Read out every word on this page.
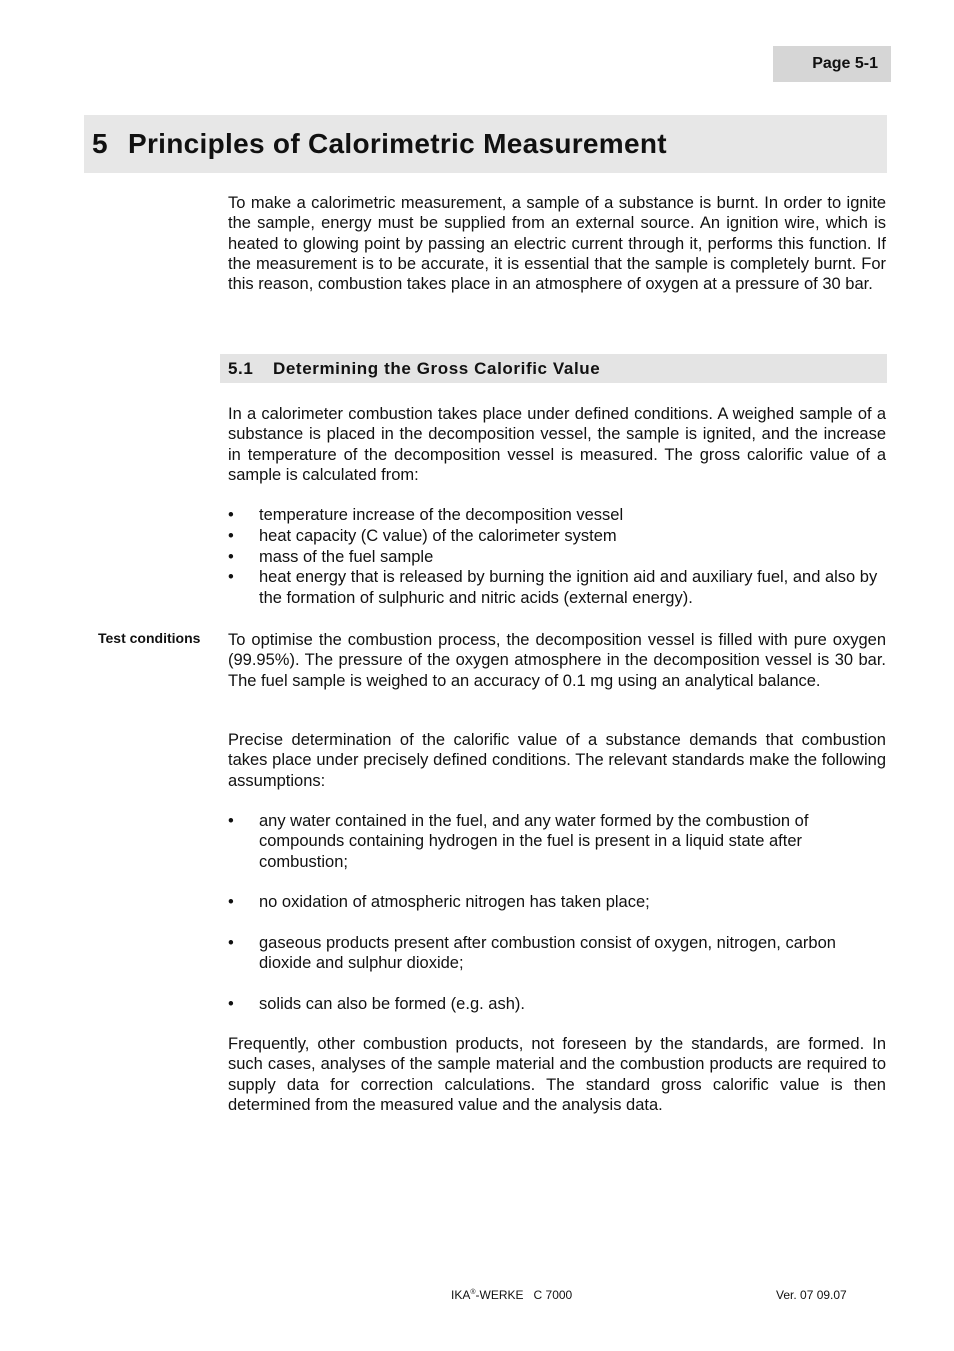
Page 5-1
5 Principles of Calorimetric Measurement

To make a calorimetric measurement, a sample of a substance is burnt. In order to ignite the sample, energy must be supplied from an external source. An ignition wire, which is heated to glowing point by passing an electric current through it, performs this function. If the measurement is to be accurate, it is essential that the sample is completely burnt. For this reason, combustion takes place in an atmosphere of oxygen at a pressure of 30 bar.

5.1	Determining the Gross Calorific Value

In a calorimeter combustion takes place under defined conditions. A weighed sample of a substance is placed in the decomposition vessel, the sample is ignited, and the increase in temperature of the decomposition vessel is measured. The gross calorific value of a sample is calculated from:

• temperature increase of the decomposition vessel
• heat capacity (C value) of the calorimeter system
• mass of the fuel sample
• heat energy that is released by burning the ignition aid and auxiliary fuel, and also by the formation of sulphuric and nitric acids (external energy).
Test conditions	To optimise the combustion process, the decomposition vessel is filled with pure oxygen (99.95%). The pressure of the oxygen atmosphere in the decomposition vessel is 30 bar. The fuel sample is weighed to an accuracy of 0.1 mg using an analytical balance.

Precise determination of the calorific value of a substance demands that combustion takes place under precisely defined conditions. The relevant standards make the following assumptions:

• any water contained in the fuel, and any water formed by the combustion of compounds containing hydrogen in the fuel is present in a liquid state after combustion;
• no oxidation of atmospheric nitrogen has taken place;
• gaseous products present after combustion consist of oxygen, nitrogen, carbon dioxide and sulphur dioxide;
• solids can also be formed (e.g. ash).

Frequently, other combustion products, not foreseen by the standards, are formed. In such cases, analyses of the sample material and the combustion products are required to supply data for correction calculations. The standard gross calorific value is then determined from the measured value and the analysis data.

IKA®-WERKE   C 7000	Ver. 07 09.07
